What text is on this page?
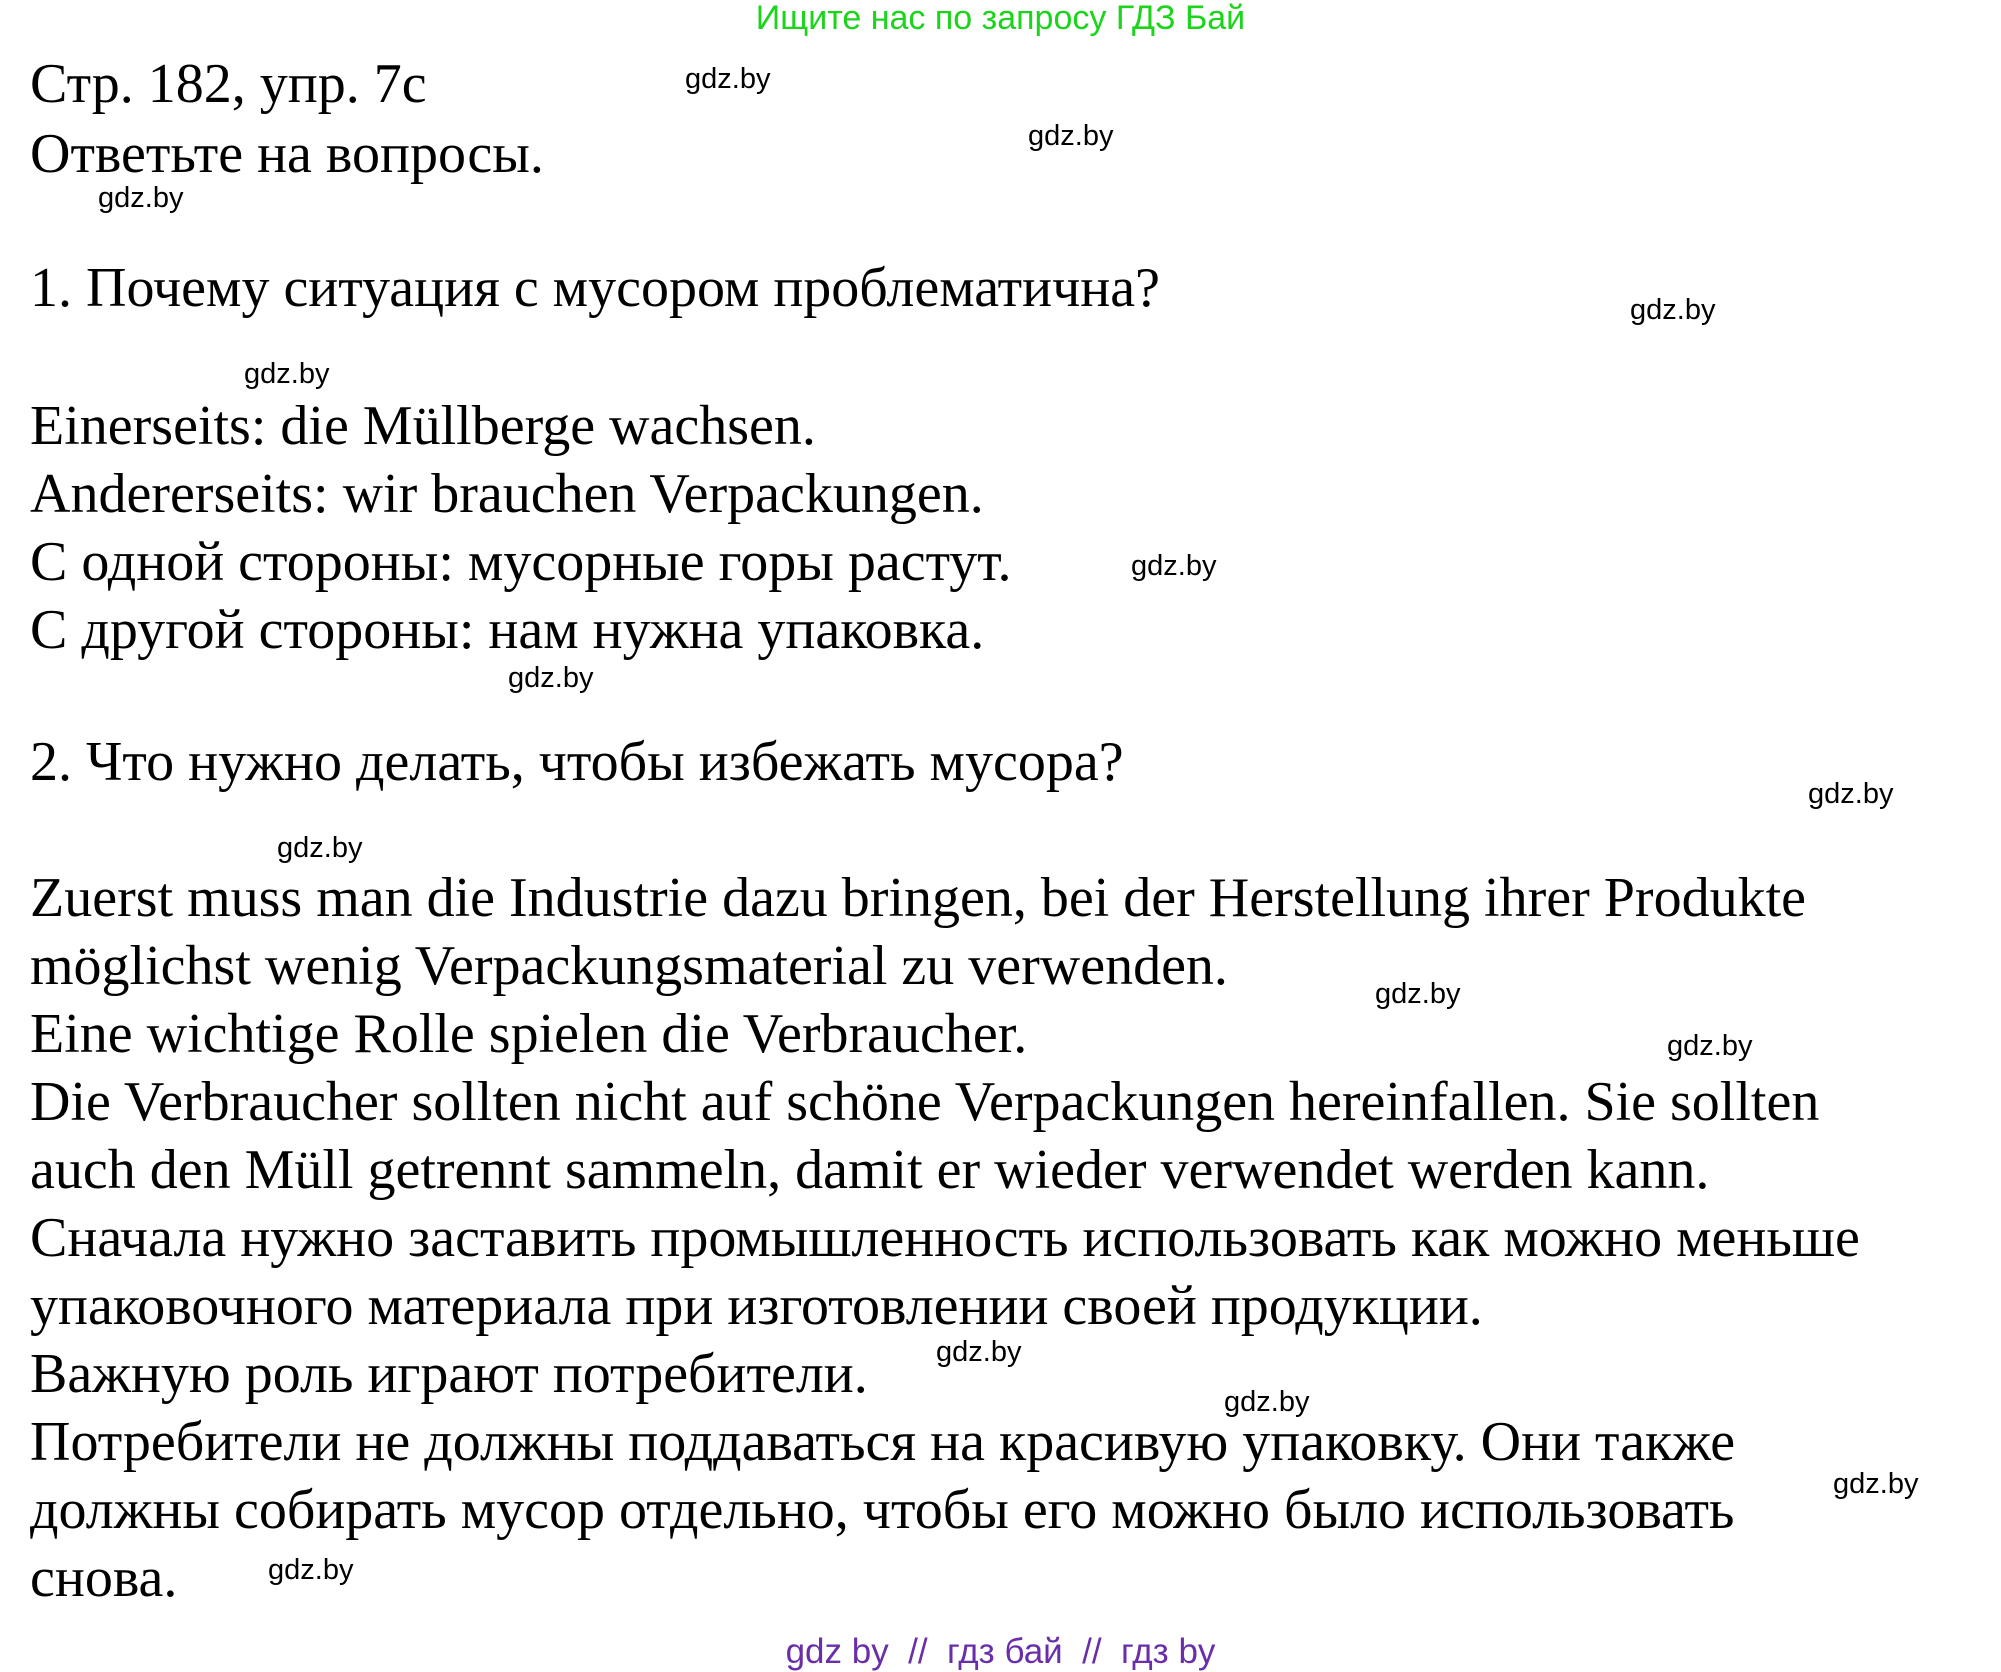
Ищите нас по запросу ГДЗ Бай
Стр. 182, упр. 7c
Ответьте на вопросы.
1. Почему ситуация с мусором проблематична?
Einerseits: die Müllberge wachsen.
Andererseits: wir brauchen Verpackungen.
С одной стороны: мусорные горы растут.
С другой стороны: нам нужна упаковка.
2. Что нужно делать, чтобы избежать мусора?
Zuerst muss man die Industrie dazu bringen, bei der Herstellung ihrer Produkte
möglichst wenig Verpackungsmaterial zu verwenden.
Eine wichtige Rolle spielen die Verbraucher.
Die Verbraucher sollten nicht auf schöne Verpackungen hereinfallen. Sie sollten
auch den Müll getrennt sammeln, damit er wieder verwendet werden kann.
Сначала нужно заставить промышленность использовать как можно меньше
упаковочного материала при изготовлении своей продукции.
Важную роль играют потребители.
Потребители не должны поддаваться на красивую упаковку. Они также
должны собирать мусор отдельно, чтобы его можно было использовать
снова.
gdz.by
gdz.by
gdz.by
gdz.by
gdz.by
gdz.by
gdz.by
gdz.by
gdz.by
gdz.by
gdz.by
gdz.by
gdz.by
gdz.by
gdz.by
gdz by  //  гдз бай  //  гдз by
